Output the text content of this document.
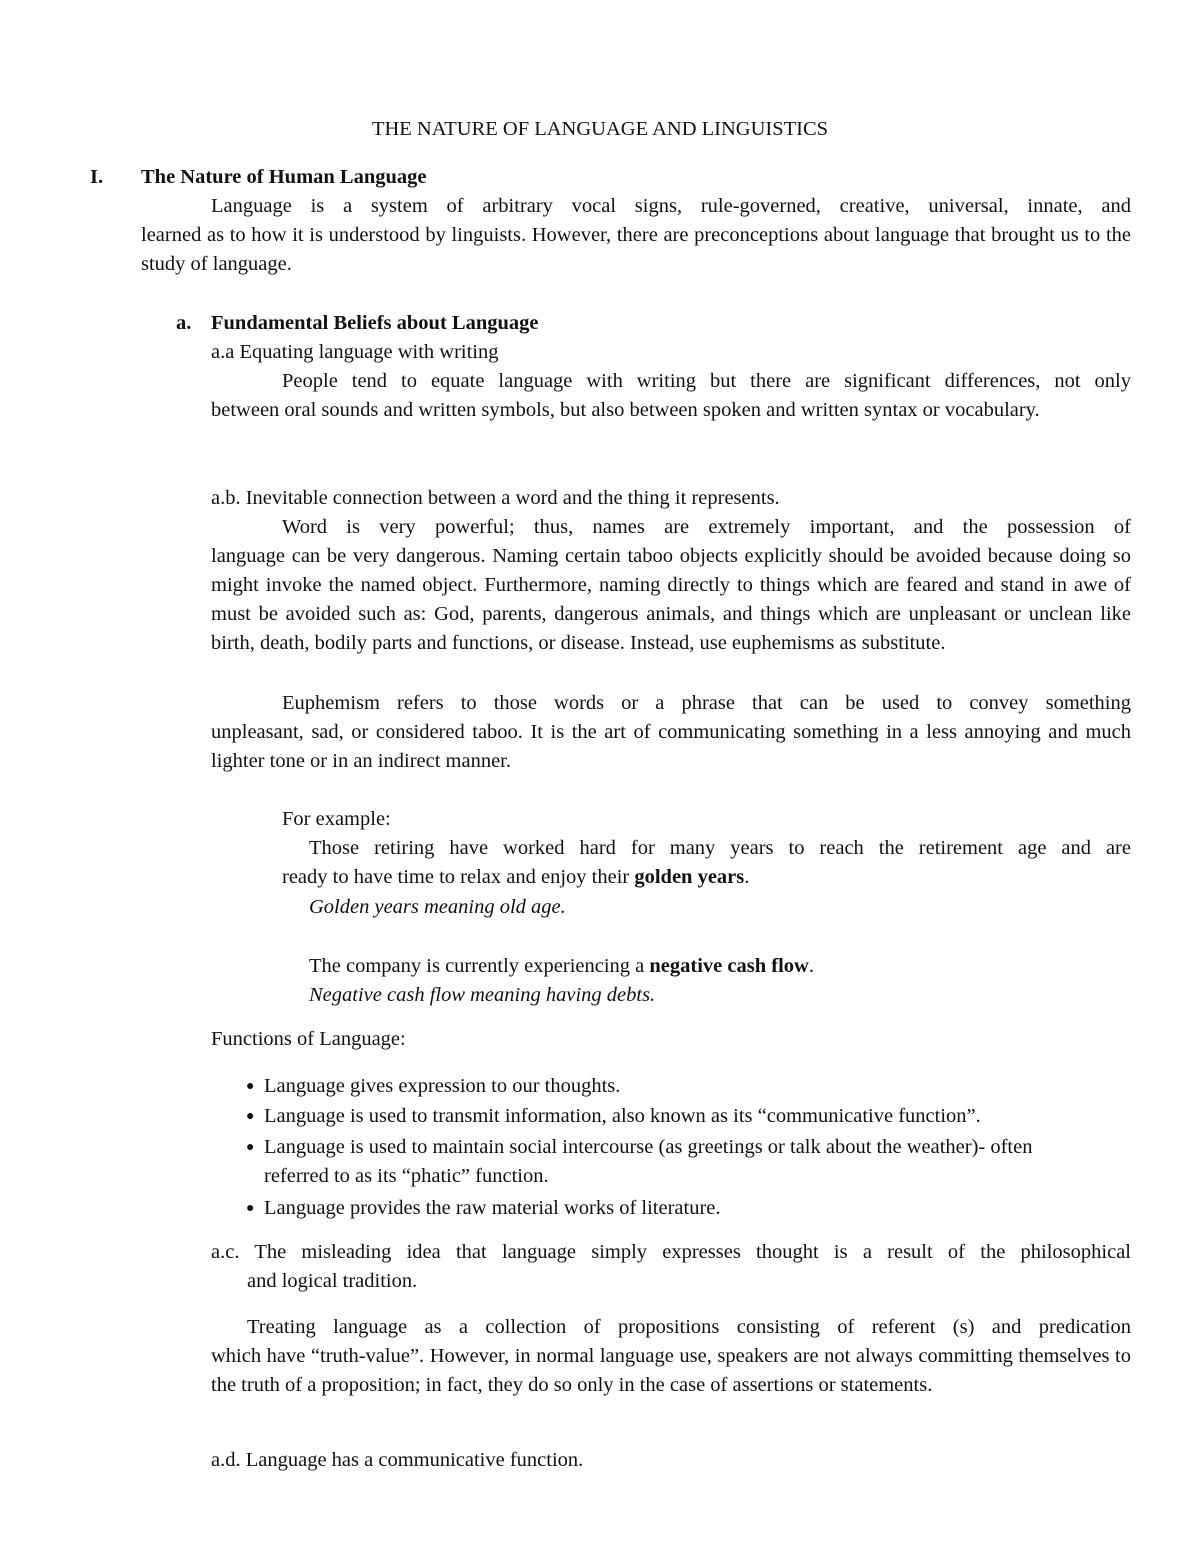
THE NATURE OF LANGUAGE AND LINGUISTICS
I. The Nature of Human Language
Language is a system of arbitrary vocal signs, rule-governed, creative, universal, innate, and
learned as to how it is understood by linguists. However, there are preconceptions about language that brought us to the study of language.
a. Fundamental Beliefs about Language
a.a Equating language with writing
People tend to equate language with writing but there are significant differences, not only
between oral sounds and written symbols, but also between spoken and written syntax or vocabulary.
a.b. Inevitable connection between a word and the thing it represents.
Word is very powerful; thus, names are extremely important, and the possession of
language can be very dangerous. Naming certain taboo objects explicitly should be avoided because doing so might invoke the named object. Furthermore, naming directly to things which are feared and stand in awe of must be avoided such as: God, parents, dangerous animals, and things which are unpleasant or unclean like birth, death, bodily parts and functions, or disease. Instead, use euphemisms as substitute.
Euphemism refers to those words or a phrase that can be used to convey something
unpleasant, sad, or considered taboo. It is the art of communicating something in a less annoying and much lighter tone or in an indirect manner.
For example:
Those retiring have worked hard for many years to reach the retirement age and are
ready to have time to relax and enjoy their golden years.
Golden years meaning old age.
The company is currently experiencing a negative cash flow.
Negative cash flow meaning having debts.
Functions of Language:
● Language gives expression to our thoughts.
● Language is used to transmit information, also known as its “communicative function”.
● Language is used to maintain social intercourse (as greetings or talk about the weather)- often
referred to as its “phatic” function.
● Language provides the raw material works of literature.
a.c. The misleading idea that language simply expresses thought is a result of the philosophical
and logical tradition.
Treating language as a collection of propositions consisting of referent (s) and predication
which have “truth-value”. However, in normal language use, speakers are not always committing themselves to the truth of a proposition; in fact, they do so only in the case of assertions or statements.
a.d. Language has a communicative function.
